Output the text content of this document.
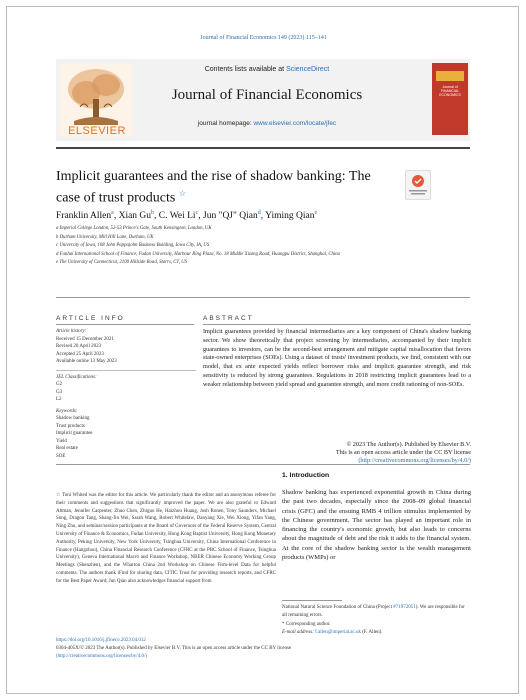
Journal of Financial Economics 149 (2023) 115–141
ELSEVIER
Contents lists available at ScienceDirect
Journal of Financial Economics
journal homepage: www.elsevier.com/locate/jfec
Journal of FINANCIAL ECONOMICS
Implicit guarantees and the rise of shadow banking: The case of trust products ☆
Franklin Allen$^a$, Xian Gu$^b$, C. Wei Li$^c$, Jun "QJ" Qian$^d$, Yiming Qian$^e$
a Imperial College London, 52-53 Prince's Gate, South Kensington, London, UK
b Durham University, Mill Hill Lane, Durham, UK
c University of Iowa, 108 John Pappajohn Business Building, Iowa City, IA, US
d Fanhai International School of Finance, Fudan University, Harbour Ring Plaza, No. 18 Middle Xizang Road, Huangpu District, Shanghai, China
e The University of Connecticut, 2100 Hillside Road, Storrs, CT, US
ARTICLE INFO	ABSTRACT
Article history:
Received 15 December 2021
Revised 20 April 2023
Accepted 25 April 2023
Available online 13 May 2023
JEL Classifications:
G2
G3
L2
Keywords:
Shadow banking
Trust products
Implicit guarantee
Yield
Real estate
SOE
Implicit guarantees provided by financial intermediaries are a key component of China's shadow banking sector. We show theoretically that project screening by intermediaries, accompanied by their implicit guarantees to investors, can be the second-best arrangement and mitigate capital misallocation that favors state-owned enterprises (SOEs). Using a dataset of trusts' investment products, we find, consistent with our model, that ex ante expected yields reflect borrower risks and implicit guarantee strength, and risk sensitivity is reduced by strong guarantees. Regulations in 2018 restricting implicit guarantees lead to a weaker relationship between yield spread and guarantee strength, and more credit rationing of non-SOEs.
© 2023 The Author(s). Published by Elsevier B.V.
This is an open access article under the CC BY license
(http://creativecommons.org/licenses/by/4.0/)
☆ Toni Whited was the editor for this article. We particularly thank the editor and an anonymous referee for their comments and suggestions that significantly improved the paper. We are also grateful to Edward Altman, Jennifer Carpenter, Zhuo Chen, Zhiguo He, Haizhou Huang, Josh Ronen, Tony Saunders, Michael Song, Dragon Tang, Shang-Jin Wei, Sarah Wang, Robert Whitelaw, Danyang Xie, Wei Xiong, Yifan Yang, Ning Zhu, and seminar/session participants at the Board of Governors of the Federal Reserve System, Central University of Finance & Economics, Fudan University, Hong Kong Baptist University, Hong Kong Monetary Authority, Peking University, New York University, Tsinghua University, China International Conference in Finance (Hangzhou), China Financial Research Conference (CFRC at the PBC School of Finance, Tsinghua University), Geneva International Macro and Finance Workshop, NBER Chinese Economy Working Group Meetings (Shenzhen), and the Wharton China 2nd Workshop on Chinese Firm-level Data for helpful comments. The authors thank iFind for sharing data, CITIC Trust for providing research reports, and CFRC for the Best Paper Award; Jun Qian also acknowledges financial support from
1. Introduction
Shadow banking has experienced exponential growth in China during the past two decades, especially since the 2008–09 global financial crisis (GFC) and the ensuing RMB 4 trillion stimulus implemented by the Chinese government. The sector has played an important role in financing the country's economic growth, but also leads to concerns about the magnitude of debt and the risk it adds to the financial system. At the core of the shadow banking sector is the wealth management products (WMPs) or
National Natural Science Foundation of China (Project #71972051). We are responsible for all remaining errors.
* Corresponding author.
E-mail address: f.allen@imperial.ac.uk (F. Allen).
https://doi.org/10.1016/j.jfineco.2023.04.012
0304-405X/© 2023 The Author(s). Published by Elsevier B.V. This is an open access article under the CC BY license
(http://creativecommons.org/licenses/by/4.0/)
